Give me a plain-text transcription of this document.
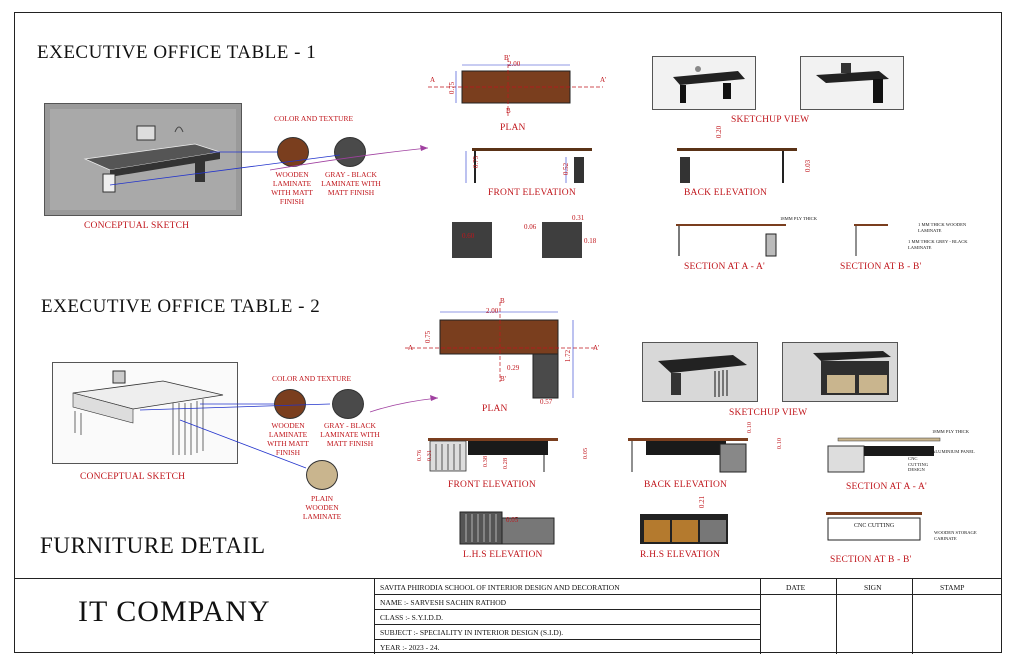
EXECUTIVE OFFICE TABLE - 1
CONCEPTUAL SKETCH
COLOR AND TEXTURE
WOODEN LAMINATE WITH MATT FINISH
GRAY - BLACK LAMINATE WITH MATT FINISH
2.00
0.75
A	A'
B'
B
PLAN
SKETCHUP VIEW
0.75
0.52
FRONT ELEVATION
0.20
0.03
BACK ELEVATION
0.60
0.06
0.31
0.18
18MM PLY THICK
SECTION AT A - A'
1 MM THICK WOODEN LAMINATE
1 MM THICK GREY - BLACK LAMINATE
SECTION AT B - B'
EXECUTIVE OFFICE TABLE - 2
CONCEPTUAL SKETCH
COLOR AND TEXTURE
WOODEN LAMINATE WITH MATT FINISH
GRAY - BLACK LAMINATE WITH MATT FINISH
PLAIN WOODEN LAMINATE
2.00
0.75
1.72
0.29
0.57
A	A'
B
B'
PLAN	SKETCHUP VIEW
0.76 0.31
0.38 0.28
0.05
FRONT ELEVATION
0.10
0.10
BACK ELEVATION
18MM PLY THICK
ALUMINIUM PANEL
CNC CUTTING DESIGN
SECTION AT A - A'
0.05
L.H.S ELEVATION
0.21
R.H.S ELEVATION
CNC CUTTING
WOODEN STORAGE CABINATE
SECTION AT B - B'
FURNITURE DETAIL
IT COMPANY
SAVITA PHIRODIA SCHOOL OF INTERIOR DESIGN AND DECORATION
NAME :- SARVESH SACHIN RATHOD
CLASS :- S.Y.I.D.D.
SUBJECT :- SPECIALITY IN INTERIOR DESIGN (S.I.D).
YEAR :- 2023 - 24.
DATE	SIGN	STAMP
